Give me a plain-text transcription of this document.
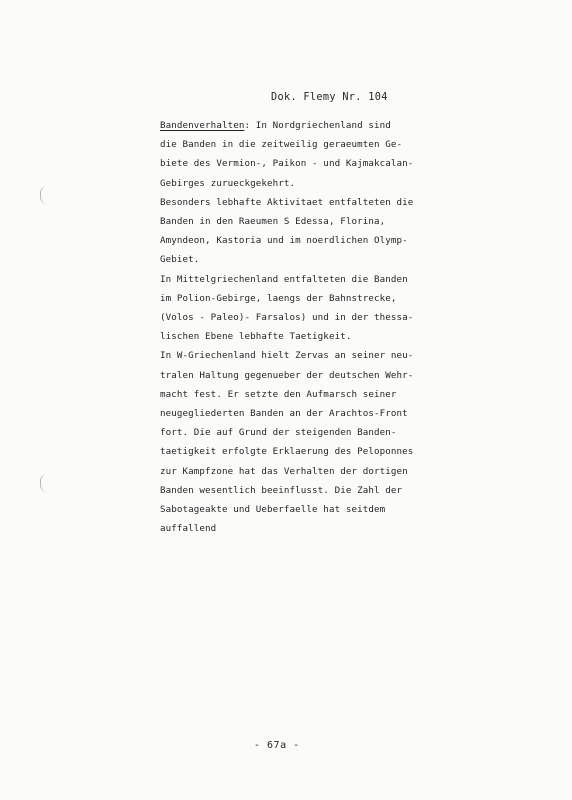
Dok. Flemy Nr. 104
Bandenverhalten: In Nordgriechenland sind
die Banden in die zeitweilig geraeumten Ge-
biete des Vermion-, Paikon - und Kajmakcalan-
Gebirges zurueckgekehrt.
Besonders lebhafte Aktivitaet entfalteten die
Banden in den Raeumen S Edessa, Florina,
Amyndeon, Kastoria und im noerdlichen Olymp-
Gebiet.
In Mittelgriechenland entfalteten die Banden
im Polion-Gebirge, laengs der Bahnstrecke,
(Volos - Paleo)- Farsalos) und in der thessa-
lischen Ebene lebhafte Taetigkeit.
In W-Griechenland hielt Zervas an seiner neu-
tralen Haltung gegenueber der deutschen Wehr-
macht fest. Er setzte den Aufmarsch seiner
neugegliederten Banden an der Arachtos-Front
fort. Die auf Grund der steigenden Banden-
taetigkeit erfolgte Erklaerung des Peloponnes
zur Kampfzone hat das Verhalten der dortigen
Banden wesentlich beeinflusst. Die Zahl der
Sabotageakte und Ueberfaelle hat seitdem
auffallend
- 67a -
